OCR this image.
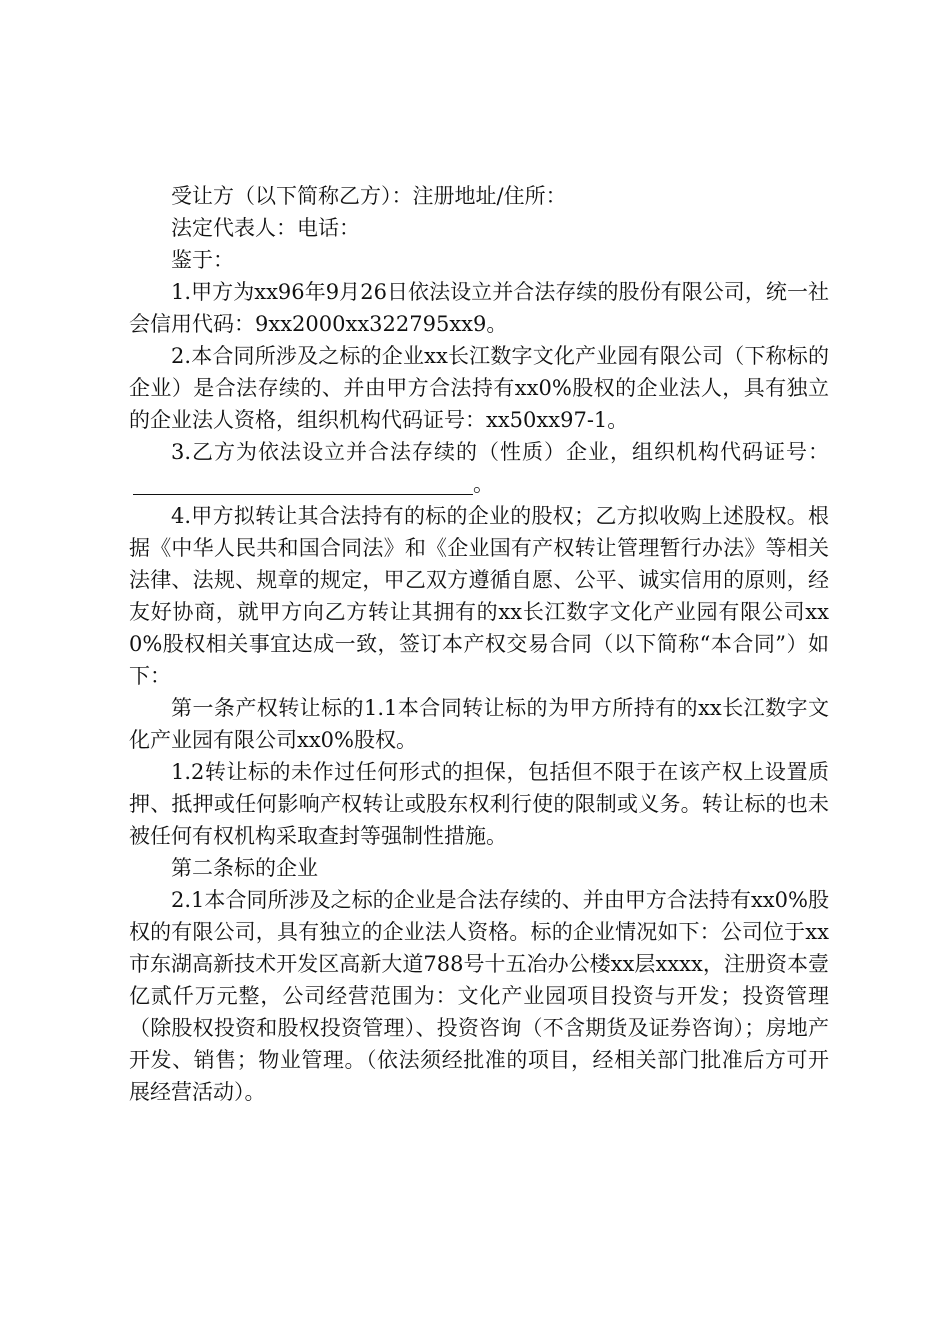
受让方（以下简称乙方）：注册地址/住所：

法定代表人：电话：

鉴于：

1.甲方为xx96年9月26日依法设立并合法存续的股份有限公司，统一社会信用代码：9xx2000xx322795xx9。

2.本合同所涉及之标的企业xx长江数字文化产业园有限公司（下称标的企业）是合法存续的、并由甲方合法持有xx0%股权的企业法人，具有独立的企业法人资格，组织机构代码证号：xx50xx97-1。

3.乙方为依法设立并合法存续的（性质）企业，组织机构代码证号：。

4.甲方拟转让其合法持有的标的企业的股权；乙方拟收购上述股权。根据《中华人民共和国合同法》和《企业国有产权转让管理暂行办法》等相关法律、法规、规章的规定，甲乙双方遵循自愿、公平、诚实信用的原则，经友好协商，就甲方向乙方转让其拥有的xx长江数字文化产业园有限公司xx0%股权相关事宜达成一致，签订本产权交易合同（以下简称“本合同”）如下：

第一条产权转让标的1.1本合同转让标的为甲方所持有的xx长江数字文化产业园有限公司xx0%股权。

1.2转让标的未作过任何形式的担保，包括但不限于在该产权上设置质押、抵押或任何影响产权转让或股东权利行使的限制或义务。转让标的也未被任何有权机构采取查封等强制性措施。

第二条标的企业

2.1本合同所涉及之标的企业是合法存续的、并由甲方合法持有xx0%股权的有限公司，具有独立的企业法人资格。标的企业情况如下：公司位于xx市东湖高新技术开发区高新大道788号十五冶办公楼xx层xxxx，注册资本壹亿贰仟万元整，公司经营范围为：文化产业园项目投资与开发；投资管理（除股权投资和股权投资管理）、投资咨询（不含期货及证券咨询）；房地产开发、销售；物业管理。（依法须经批准的项目，经相关部门批准后方可开展经营活动）。
